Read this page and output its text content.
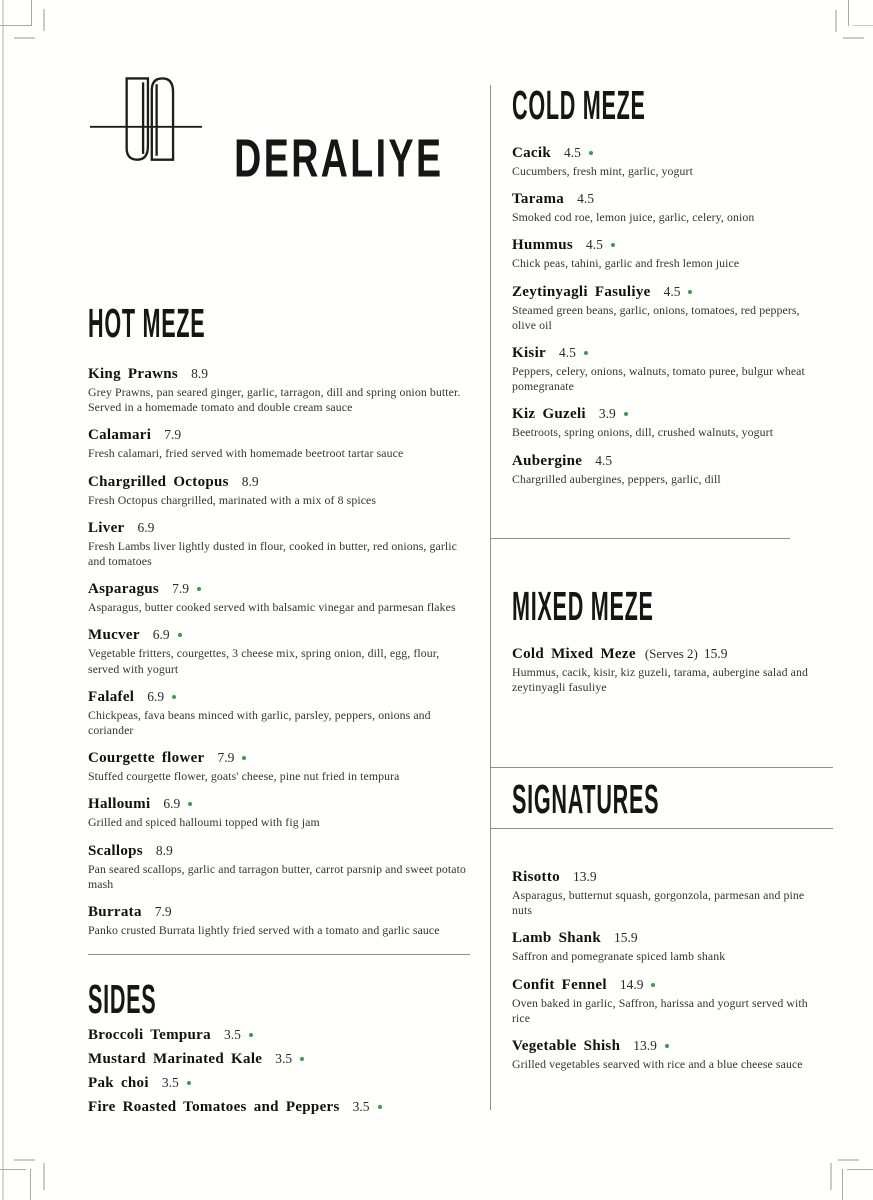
DERALIYE
HOT MEZE
King Prawns 8.9
Grey Prawns, pan seared ginger, garlic, tarragon, dill and spring onion butter. Served in a homemade tomato and double cream sauce
Calamari 7.9
Fresh calamari, fried served with homemade beetroot tartar sauce
Chargrilled Octopus 8.9
Fresh Octopus chargrilled, marinated with a mix of 8 spices
Liver 6.9
Fresh Lambs liver lightly dusted in flour, cooked in butter, red onions, garlic and tomatoes
Asparagus 7.9
Asparagus, butter cooked served with balsamic vinegar and parmesan flakes
Mucver 6.9
Vegetable fritters, courgettes, 3 cheese mix, spring onion, dill, egg, flour, served with yogurt
Falafel 6.9
Chickpeas, fava beans minced with garlic, parsley, peppers, onions and coriander
Courgette flower 7.9
Stuffed courgette flower, goats' cheese, pine nut fried in tempura
Halloumi 6.9
Grilled and spiced halloumi topped with fig jam
Scallops 8.9
Pan seared scallops, garlic and tarragon butter, carrot parsnip and sweet potato mash
Burrata 7.9
Panko crusted Burrata lightly fried served with a tomato and garlic sauce
SIDES
Broccoli Tempura 3.5
Mustard Marinated Kale 3.5
Pak choi 3.5
Fire Roasted Tomatoes and Peppers 3.5
COLD MEZE
Cacik 4.5
Cucumbers, fresh mint, garlic, yogurt
Tarama 4.5
Smoked cod roe, lemon juice, garlic, celery, onion
Hummus 4.5
Chick peas, tahini, garlic and fresh lemon juice
Zeytinyagli Fasuliye 4.5
Steamed green beans, garlic, onions, tomatoes, red peppers, olive oil
Kisir 4.5
Peppers, celery, onions, walnuts, tomato puree, bulgur wheat pomegranate
Kiz Guzeli 3.9
Beetroots, spring onions, dill, crushed walnuts, yogurt
Aubergine 4.5
Chargrilled aubergines, peppers, garlic, dill
MIXED MEZE
Cold Mixed Meze (Serves 2) 15.9
Hummus, cacik, kisir, kiz guzeli, tarama, aubergine salad and zeytinyagli fasuliye
SIGNATURES
Risotto 13.9
Asparagus, butternut squash, gorgonzola, parmesan and pine nuts
Lamb Shank 15.9
Saffron and pomegranate spiced lamb shank
Confit Fennel 14.9
Oven baked in garlic, Saffron, harissa and yogurt served with rice
Vegetable Shish 13.9
Grilled vegetables searved with rice and a blue cheese sauce
